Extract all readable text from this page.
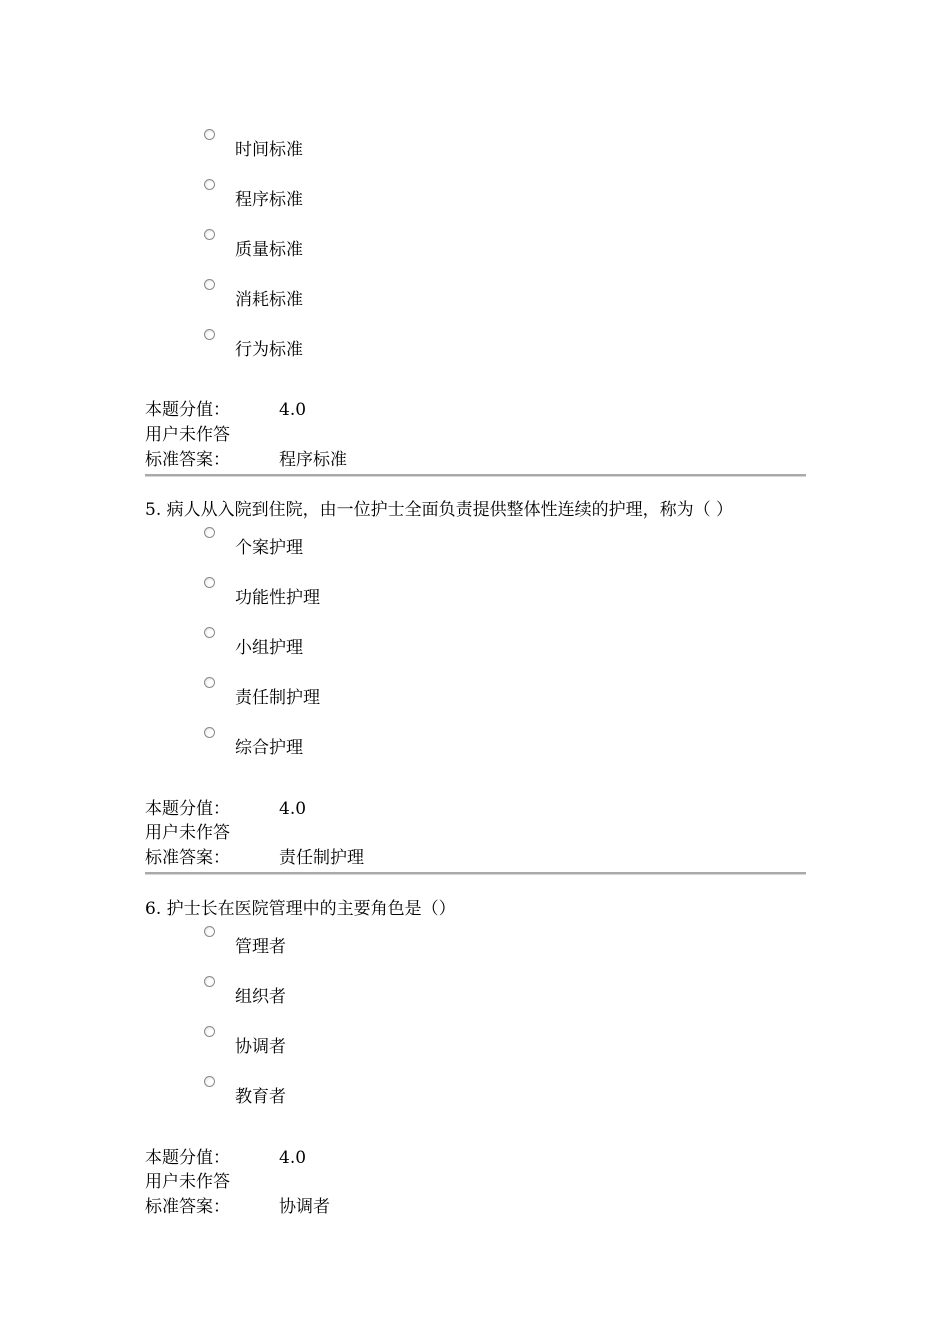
时间标准
程序标准
质量标准
消耗标准
行为标准
本题分值：	4.0
用户未作答
标准答案：	程序标准

5. 病人从入院到住院，由一位护士全面负责提供整体性连续的护理，称为（ ）

个案护理
功能性护理
小组护理
责任制护理
综合护理
本题分值：	4.0
用户未作答
标准答案：	责任制护理

6. 护士长在医院管理中的主要角色是（）

管理者
组织者
协调者
教育者
本题分值：	4.0
用户未作答
标准答案：	协调者
